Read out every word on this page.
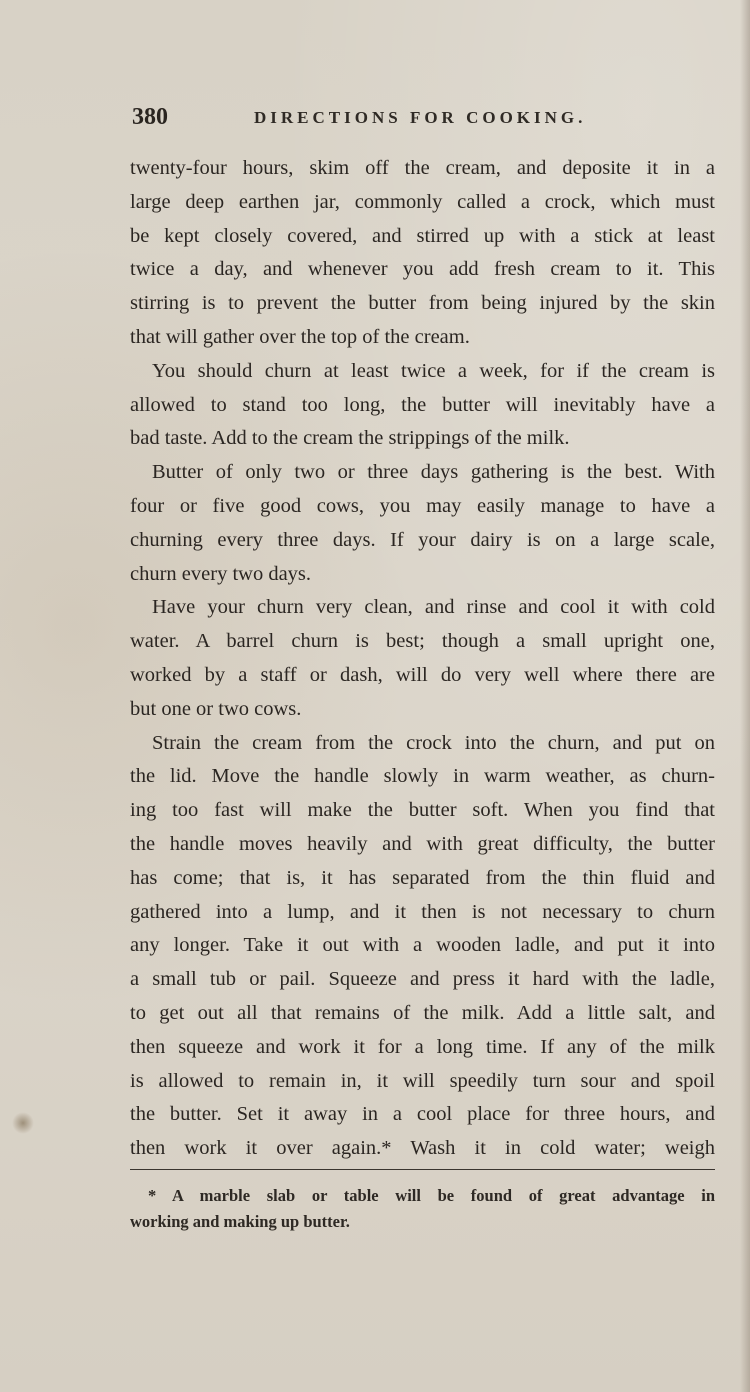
380	DIRECTIONS FOR COOKING.
twenty-four hours, skim off the cream, and deposite it in a
large deep earthen jar, commonly called a crock, which must
be kept closely covered, and stirred up with a stick at least
twice a day, and whenever you add fresh cream to it. This
stirring is to prevent the butter from being injured by the skin
that will gather over the top of the cream.
You should churn at least twice a week, for if the cream is
allowed to stand too long, the butter will inevitably have a
bad taste. Add to the cream the strippings of the milk.
Butter of only two or three days gathering is the best. With
four or five good cows, you may easily manage to have a
churning every three days. If your dairy is on a large scale,
churn every two days.
Have your churn very clean, and rinse and cool it with cold
water. A barrel churn is best; though a small upright one,
worked by a staff or dash, will do very well where there are
but one or two cows.
Strain the cream from the crock into the churn, and put on
the lid. Move the handle slowly in warm weather, as churn-
ing too fast will make the butter soft. When you find that
the handle moves heavily and with great difficulty, the butter
has come; that is, it has separated from the thin fluid and
gathered into a lump, and it then is not necessary to churn
any longer. Take it out with a wooden ladle, and put it into
a small tub or pail. Squeeze and press it hard with the ladle,
to get out all that remains of the milk. Add a little salt, and
then squeeze and work it for a long time. If any of the milk
is allowed to remain in, it will speedily turn sour and spoil
the butter. Set it away in a cool place for three hours, and
then work it over again.* Wash it in cold water; weigh
* A marble slab or table will be found of great advantage in
working and making up butter.
